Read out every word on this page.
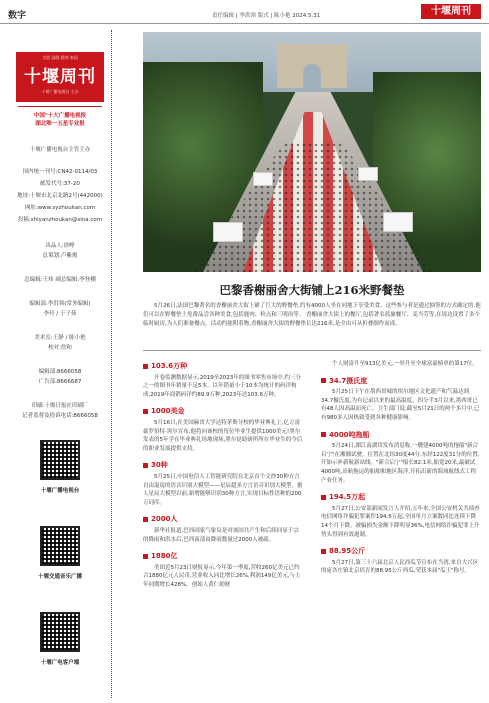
数字	责任编辑 | 李洪领 版式 | 陈小艳 2024.5.31	十堰周刊
为您 温暖 精神 家园
十堰周刊
十堰广播电视台 主办
中国"十大广播电视报
湖北唯一五星专业报
十堰广播电视台主管主办
国内统一刊号:CN42-0114/03
邮发代号:37-20
地址:十堰市北京北路2号(442000)
网址:www.syzhoukan.com
投稿:shiyanzhoukan@sina.com
出品人:徐峥
总策划:卢紫俊
总编辑:王炜 副总编辑:李登棚
编辑部:李洪领(常务编辑)
李玲 / 于子茹
美术室:王静 / 陈小艳
校对:詹和
编辑部:8666058
广告部:8666687
印刷:十堰日报社印刷厂
记者监督及投诉电话:8666058
十堰广播电视台
十堰交通音乐广播
十堰广电客户端
巴黎香榭丽舍大街铺上216米野餐垫
5月26日,法国巴黎著名的香榭丽舍大街上铺了巨大的野餐垫,约有4000人坐在同地下享受美食。这些参与者是通过抽签的方式确定的,他们可以在野餐垫上免费品尝各种美食,包括鹿肉、粒点和三明治等。 香榭丽舍大街上的餐厅,包括著名蓝旅餐厅、麦当劳等,在周边设置了多个临时厨房,为人们准备餐点。活动约能附着物,香榭丽舍大街的野餐垫长达216米,是全由可从折叠制作而成。
103.6万种
开卷监测数据显示,2019至2023年的图书零售市场中,约三分之一的图书年销量不足5本。以年销量小于10本为统计的码洋构成,2019年商销码洋约89.9万种,2023年达103.6万种。
1000美金
5月16日,在美国麻省大学达特茅斯分校的毕业典礼上,亿万富豪罗伯特·黑尔宣布,他将向该校的每位毕业生提供1000美元!黑尔发表的5年学在毕业典礼场地现场,黑尔是助研所所在毕业生的今后的职业发展提供支持。
30种
5月25日,中国电信人工智能研究院在北京首个文抄30种方言自由混说的语音识别大模型——星辰超多方言语音识别大模型。据人星辰大模型以前,新增能够识别30种方言,实现目标性语种的200万词库。
2000人
新华社报道,巴西国家气象局是对该国共产生和后续回显于宗的降雨和洪水后,巴西南部由降雨数量过2000人被疏。
1880亿
美团近5月23日财报显示,今年第一季度,营收260亿美元已约合1880亿元人民币,营业收入同比增长26%,利润149亿美元,与上年同期增长428%。创始人黄仁勋财
个人财富升至913亿美元,一举升至全球富豪榜单的第17位。
34.7摄氏度
5月25日下午在墨西哥城的埃尔地区文化遗产和气温达到34.7摄氏度,为有记录以来的最高温度。四分半3月以来,墨西哥已有48人因高温而死亡。卫生部门说,截至5月21日的两个多月中,已有980多人因热致受到各种健康影响。
4000吨拖船
5月24日,湖江南湖岱发布消息称,一艘建4000吨的拖船"新合启宁"在湘湘试驶。位置在北纬30度44分,东经122度31分的位置,开始示补新航新站线。"新合启宁"船长82.1米,船宽20米,最破试4000吨,出航拖运的船舶和地区海洋,开拓出新的海域航线式工程产业任务。
194.5万起
5月27日,公安部新闻发言人介绍,五年来,全国公安机关共侦查电信网络诈骗犯罪案件194.5万起,全国单月立案数同比连续下降14个月下降。被骗损失金额下降明显36%,电信网络诈骗犯罪上升势头得到有效遏制。
88.95公斤
5月27日,第三十六届北京人民西瓜节宣布在当湾,来自大兴区的庞各庄镇北京培育的88.95公斤西瓜,荣获本届"瓜王"称号。
